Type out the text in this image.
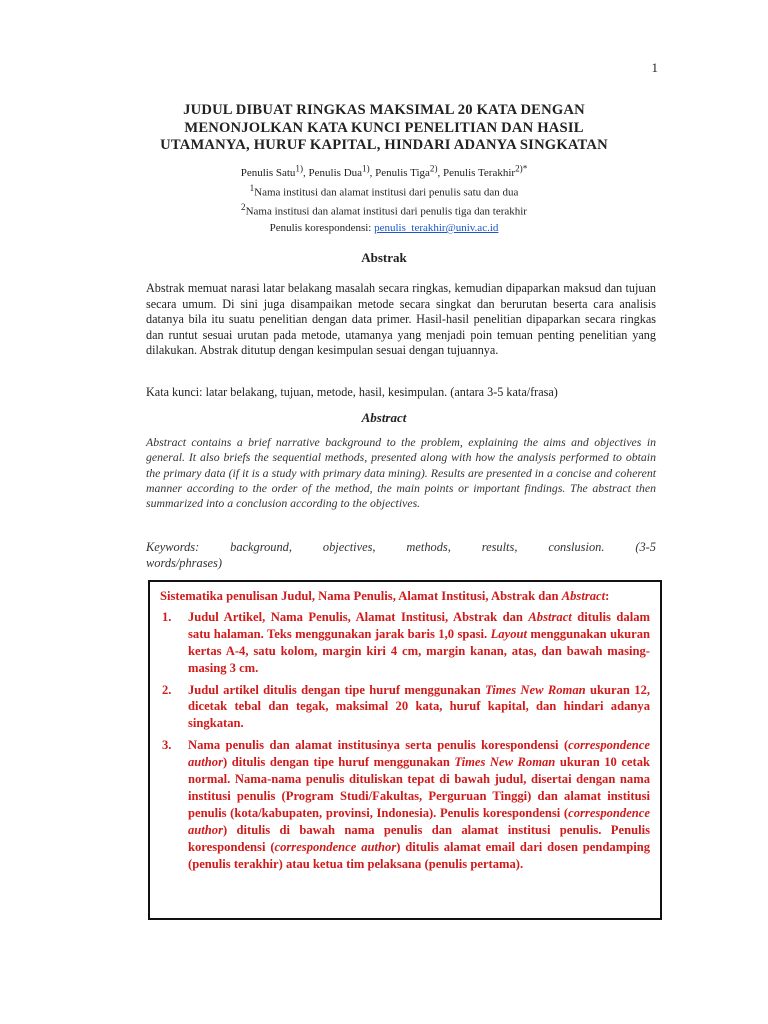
1
JUDUL DIBUAT RINGKAS MAKSIMAL 20 KATA DENGAN
MENONJOLKAN KATA KUNCI PENELITIAN DAN HASIL
UTAMANYA, HURUF KAPITAL, HINDARI ADANYA SINGKATAN
Penulis Satu$^{1)}$, Penulis Dua$^{1)}$, Penulis Tiga$^{2)}$, Penulis Terakhir$^{2)*}$
$^1$Nama institusi dan alamat institusi dari penulis satu dan dua
$^2$Nama institusi dan alamat institusi dari penulis tiga dan terakhir
Penulis korespondensi: penulis_terakhir@univ.ac.id
Abstrak

Abstrak memuat narasi latar belakang masalah secara ringkas, kemudian dipaparkan maksud dan tujuan secara umum. Di sini juga disampaikan metode secara singkat dan berurutan beserta cara analisis datanya bila itu suatu penelitian dengan data primer. Hasil-hasil penelitian dipaparkan secara ringkas dan runtut sesuai urutan pada metode, utamanya yang menjadi poin temuan penting penelitian yang dilakukan. Abstrak ditutup dengan kesimpulan sesuai dengan tujuannya.

Kata kunci: latar belakang, tujuan, metode, hasil, kesimpulan. (antara 3-5 kata/frasa)

Abstract

Abstract contains a brief narrative background to the problem, explaining the aims and objectives in general. It also briefs the sequential methods, presented along with how the analysis performed to obtain the primary data (if it is a study with primary data mining). Results are presented in a concise and coherent manner according to the order of the method, the main points or important findings. The abstract then summarized into a conclusion according to the objectives.

Keywords: background, objectives, methods, results, conslusion. (3-5 words/phrases)

Sistematika penulisan Judul, Nama Penulis, Alamat Institusi, Abstrak dan Abstract:

1. Judul Artikel, Nama Penulis, Alamat Institusi, Abstrak dan Abstract ditulis dalam satu halaman. Teks menggunakan jarak baris 1,0 spasi. Layout menggunakan ukuran kertas A-4, satu kolom, margin kiri 4 cm, margin kanan, atas, dan bawah masing-masing 3 cm.
2. Judul artikel ditulis dengan tipe huruf menggunakan Times New Roman ukuran 12, dicetak tebal dan tegak, maksimal 20 kata, huruf kapital, dan hindari adanya singkatan.
3. Nama penulis dan alamat institusinya serta penulis korespondensi (correspondence author) ditulis dengan tipe huruf menggunakan Times New Roman ukuran 10 cetak normal. Nama-nama penulis dituliskan tepat di bawah judul, disertai dengan nama institusi penulis (Program Studi/Fakultas, Perguruan Tinggi) dan alamat institusi penulis (kota/kabupaten, provinsi, Indonesia). Penulis korespondensi (correspondence author) ditulis di bawah nama penulis dan alamat institusi penulis. Penulis korespondensi (correspondence author) ditulis alamat email dari dosen pendamping (penulis terakhir) atau ketua tim pelaksana (penulis pertama).
